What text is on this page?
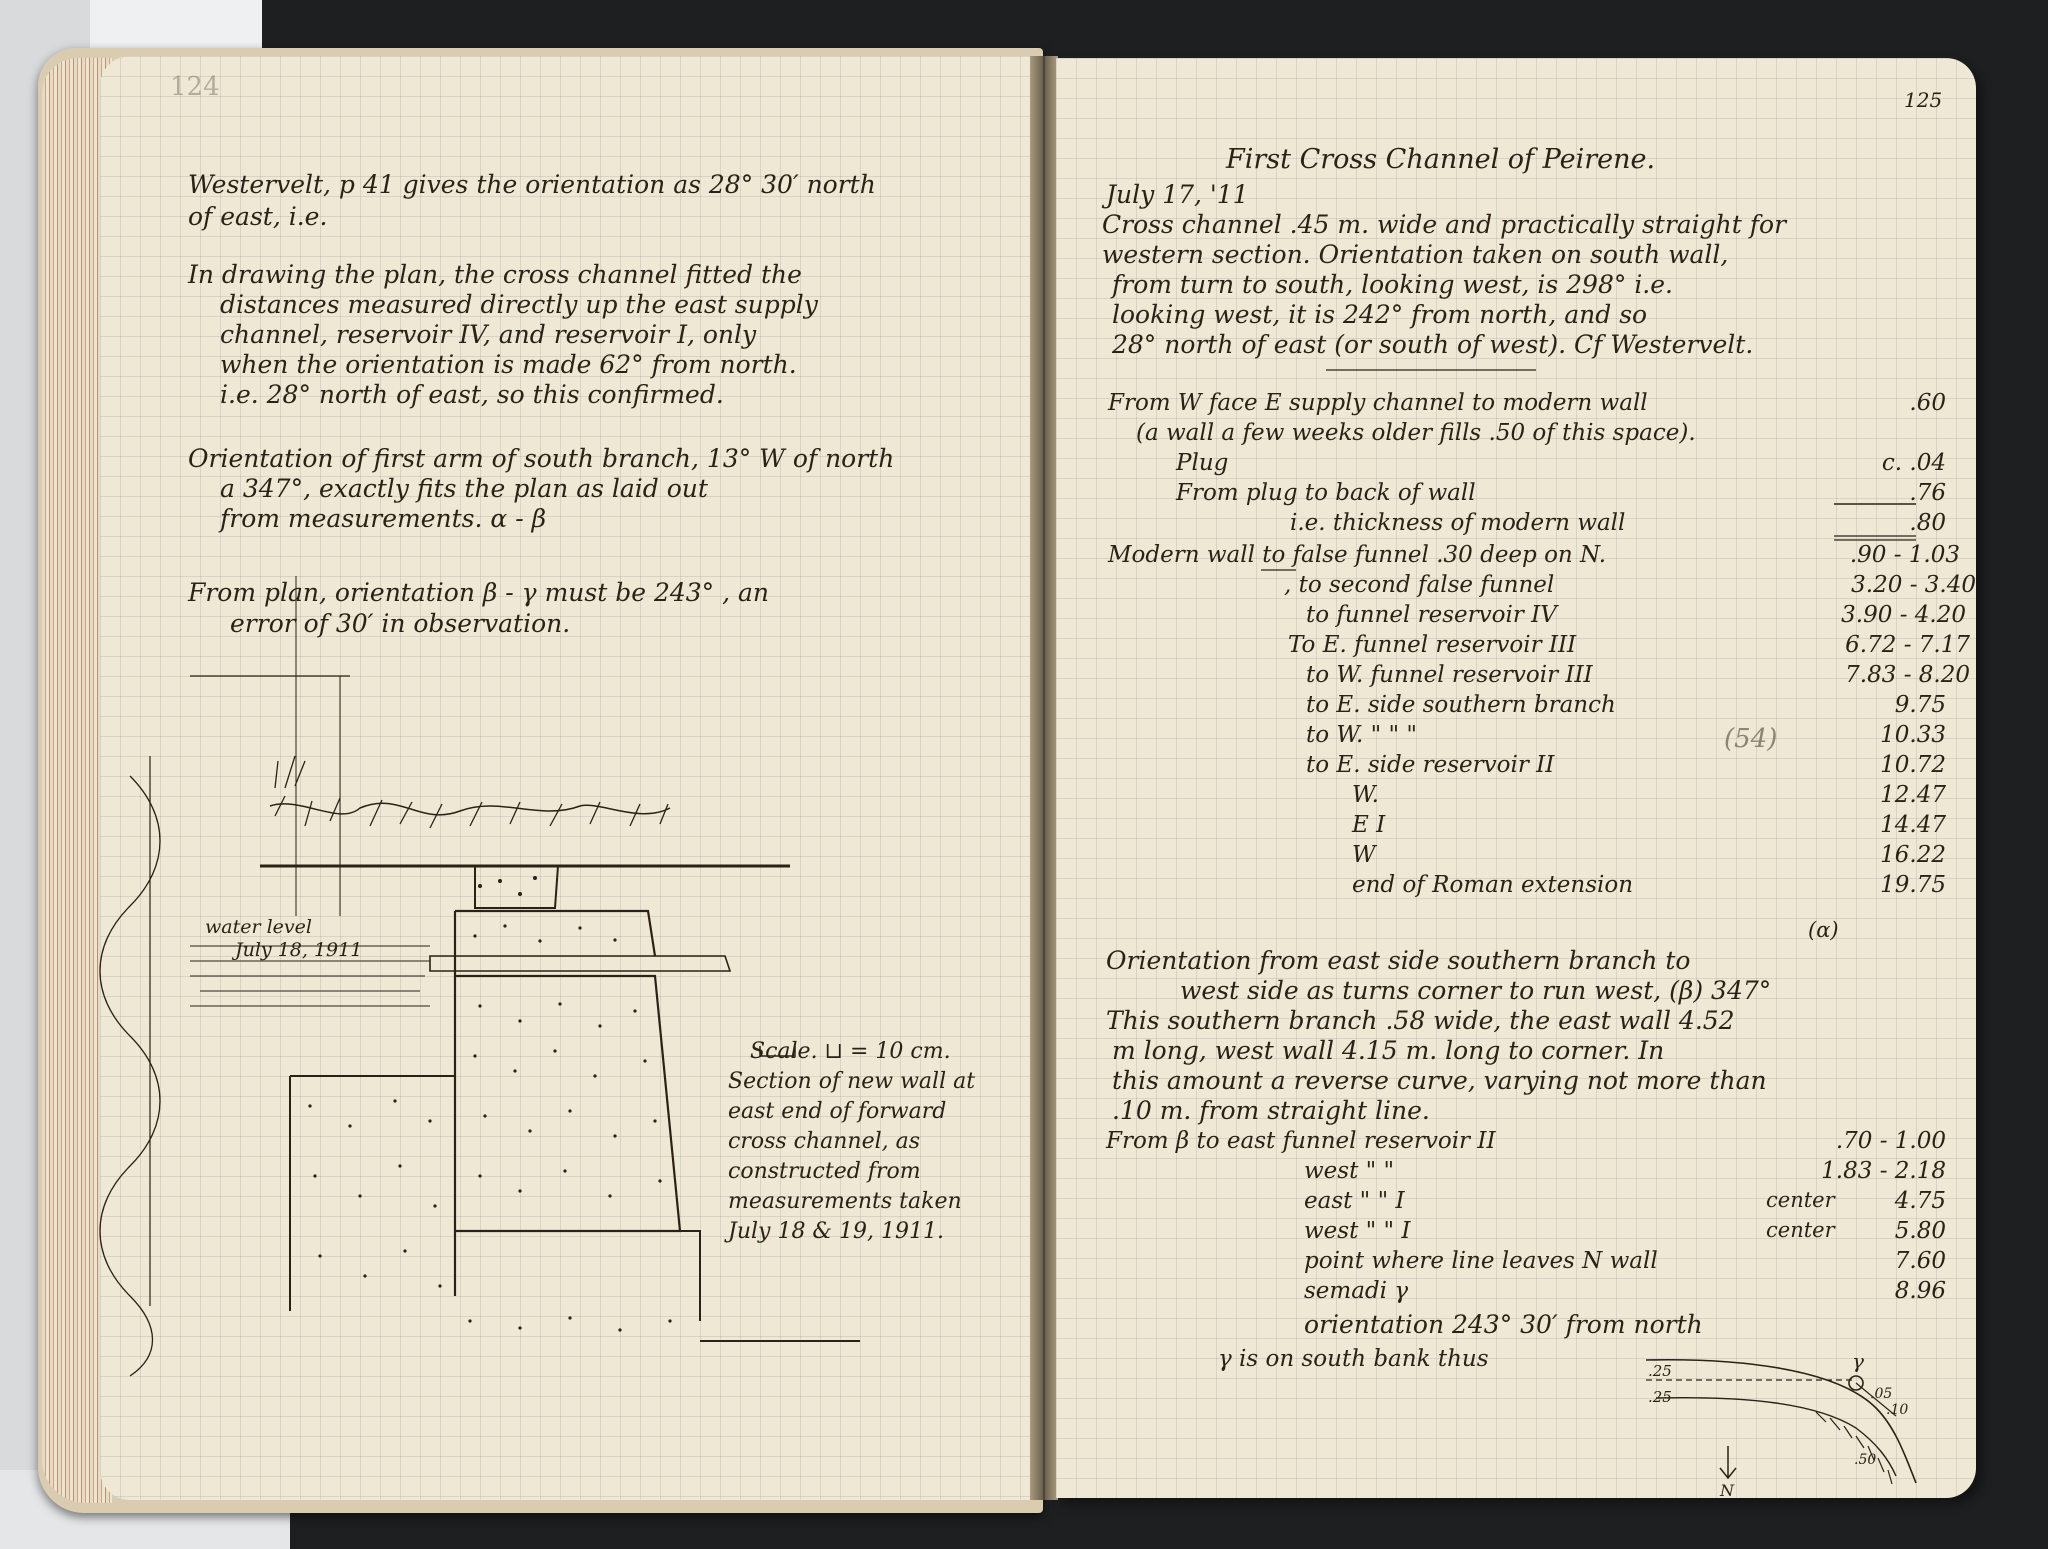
124
Westervelt, p 41 gives the orientation as 28° 30′ north
of east, i.e.
In drawing the plan, the cross channel fitted the
distances measured directly up the east supply
channel, reservoir IV, and reservoir I, only
when the orientation is made 62° from north.
i.e. 28° north of east, so this confirmed.
Orientation of first arm of south branch, 13° W of north
a 347°, exactly fits the plan as laid out
from measurements. α - β
From plan, orientation β - γ must be 243° , an
error of 30′ in observation.
water level
July 18, 1911
Scale. ⊔ = 10 cm.
Section of new wall at
east end of forward
cross channel, as
constructed from
measurements taken
July 18 & 19, 1911.
125
First Cross Channel of Peirene.
July 17, '11
Cross channel .45 m. wide and practically straight for
western section. Orientation taken on south wall,
from turn to south, looking west, is 298° i.e.
looking west, it is 242° from north, and so
28° north of east (or south of west). Cf Westervelt.
From W face E supply channel to modern wall	.60
(a wall a few weeks older fills .50 of this space).
Plug	c. .04
From plug to back of wall	.76
i.e. thickness of modern wall	.80
Modern wall to false funnel .30 deep on N.	.90 - 1.03
, to second false funnel	3.20 - 3.40
to funnel reservoir IV	3.90 - 4.20
To E. funnel reservoir III	6.72 - 7.17
to W. funnel reservoir III	7.83 - 8.20
to E. side southern branch	9.75
to W. " " "	10.33
to E. side reservoir II	10.72
W.	12.47
E I	14.47
W	16.22
end of Roman extension	19.75
(54)
(α)
Orientation from east side southern branch to
west side as turns corner to run west, (β) 347°
This southern branch .58 wide, the east wall 4.52
m long, west wall 4.15 m. long to corner. In
this amount a reverse curve, varying not more than
.10 m. from straight line.
From β to east funnel reservoir II	.70 - 1.00
west " "	1.83 - 2.18
east " " I	center	4.75
west " " I	center	5.80
point where line leaves N wall	7.60
semadi γ	8.96
orientation 243° 30′ from north
γ is on south bank thus	.25
.25
γ
.05
.10
.50
N
